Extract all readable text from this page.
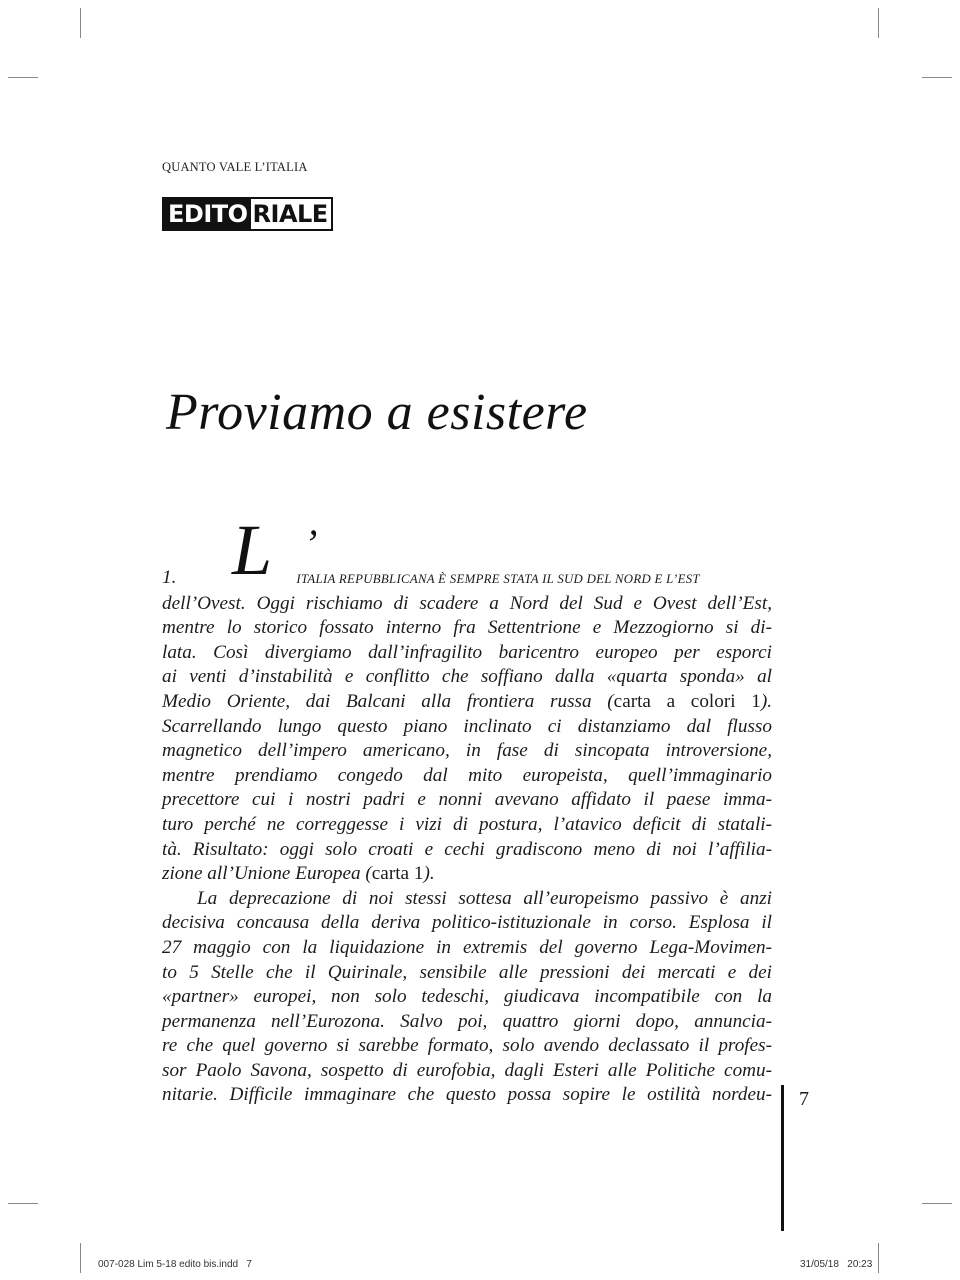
QUANTO VALE L’ITALIA
EDITO RIALE
Proviamo a esistere
L ’
1.	ITALIA REPUBBLICANA È SEMPRE STATA IL SUD DEL NORD E L’EST
dell’Ovest. Oggi rischiamo di scadere a Nord del Sud e Ovest dell’Est,
mentre lo storico fossato interno fra Settentrione e Mezzogiorno si di-
lata. Così divergiamo dall’infragilito baricentro europeo per esporci
ai venti d’instabilità e conflitto che soffiano dalla «quarta sponda» al
Medio Oriente, dai Balcani alla frontiera russa (carta a colori 1).
Scarrellando lungo questo piano inclinato ci distanziamo dal flusso
magnetico dell’impero americano, in fase di sincopata introversione,
mentre prendiamo congedo dal mito europeista, quell’immaginario
precettore cui i nostri padri e nonni avevano affidato il paese imma-
turo perché ne correggesse i vizi di postura, l’atavico deficit di statali-
tà. Risultato: oggi solo croati e cechi gradiscono meno di noi l’affilia-
zione all’Unione Europea (carta 1).
La deprecazione di noi stessi sottesa all’europeismo passivo è anzi
decisiva concausa della deriva politico-istituzionale in corso. Esplosa il
27 maggio con la liquidazione in extremis del governo Lega-Movimen-
to 5 Stelle che il Quirinale, sensibile alle pressioni dei mercati e dei
«partner» europei, non solo tedeschi, giudicava incompatibile con la
permanenza nell’Eurozona. Salvo poi, quattro giorni dopo, annuncia-
re che quel governo si sarebbe formato, solo avendo declassato il profes-
sor Paolo Savona, sospetto di eurofobia, dagli Esteri alle Politiche comu-
nitarie. Difficile immaginare che questo possa sopire le ostilità nordeu- 7
007-028 Lim 5-18 edito bis.indd   7	31/05/18   20:23
